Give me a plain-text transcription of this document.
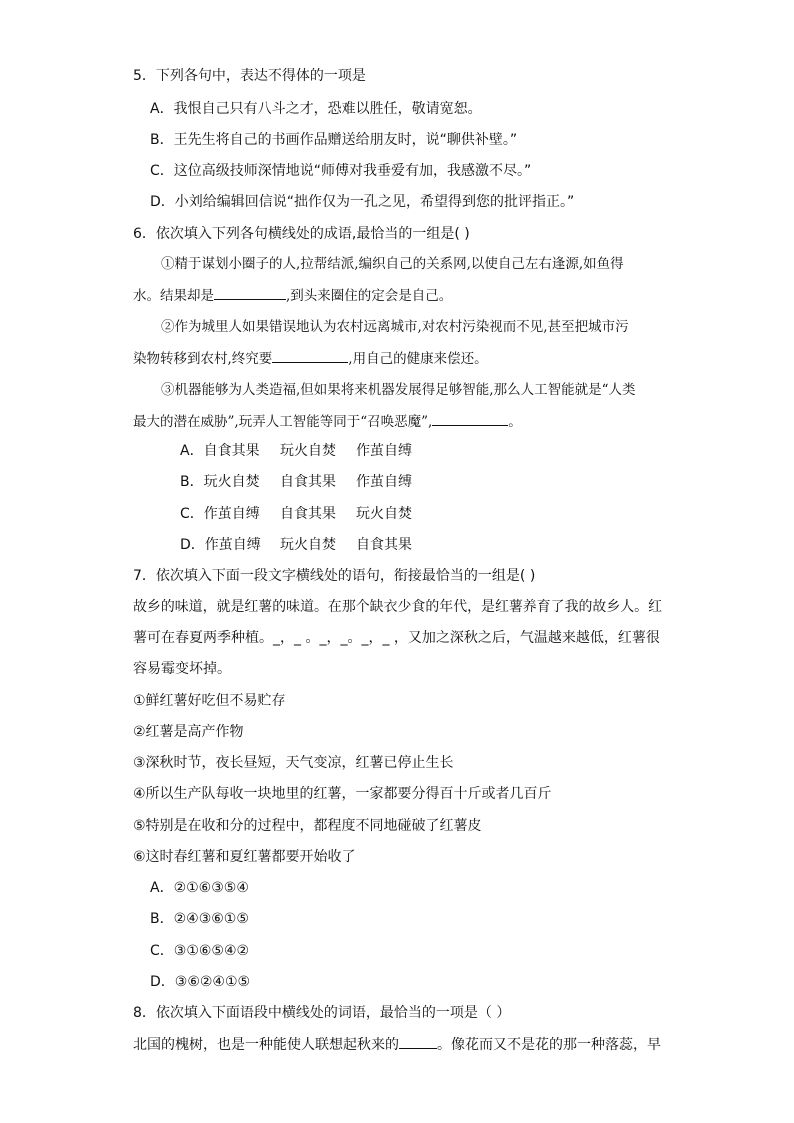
5．下列各句中，表达不得体的一项是
A．我恨自己只有八斗之才，恐难以胜任，敬请宽恕。
B．王先生将自己的书画作品赠送给朋友时，说“聊供补壁。”
C．这位高级技师深情地说“师傅对我垂爱有加，我感激不尽。”
D．小刘给编辑回信说“拙作仅为一孔之见，希望得到您的批评指正。”
6．依次填入下列各句横线处的成语,最恰当的一组是( )
①精于谋划小圈子的人,拉帮结派,编织自己的关系网,以使自己左右逢源,如鱼得
水。结果却是	,到头来圈住的定会是自己。
②作为城里人如果错误地认为农村远离城市,对农村污染视而不见,甚至把城市污
染物转移到农村,终究要	,用自己的健康来偿还。
③机器能够为人类造福,但如果将来机器发展得足够智能,那么人工智能就是“人类
最大的潜在威胁”,玩弄人工智能等同于“召唤恶魔”,	。
A．自食其果 玩火自焚 作茧自缚
B．玩火自焚 自食其果 作茧自缚
C．作茧自缚 自食其果 玩火自焚
D．作茧自缚 玩火自焚 自食其果
7．依次填入下面一段文字横线处的语句，衔接最恰当的一组是( )
故乡的味道，就是红薯的味道。在那个缺衣少食的年代，是红薯养育了我的故乡人。红
薯可在春夏两季种植。_，_ 。_，_。_，_ ，又加之深秋之后，气温越来越低，红薯很
容易霉变坏掉。
①鲜红薯好吃但不易贮存
②红薯是高产作物
③深秋时节，夜长昼短，天气变凉，红薯已停止生长
④所以生产队每收一块地里的红薯，一家都要分得百十斤或者几百斤
⑤特别是在收和分的过程中，都程度不同地碰破了红薯皮
⑥这时春红薯和夏红薯都要开始收了
A．②①⑥③⑤④
B．②④③⑥①⑤
C．③①⑥⑤④②
D．③⑥②④①⑤
8．依次填入下面语段中横线处的词语，最恰当的一项是（ ）
北国的槐树，也是一种能使人联想起秋来的	。像花而又不是花的那一种落蕊，早
